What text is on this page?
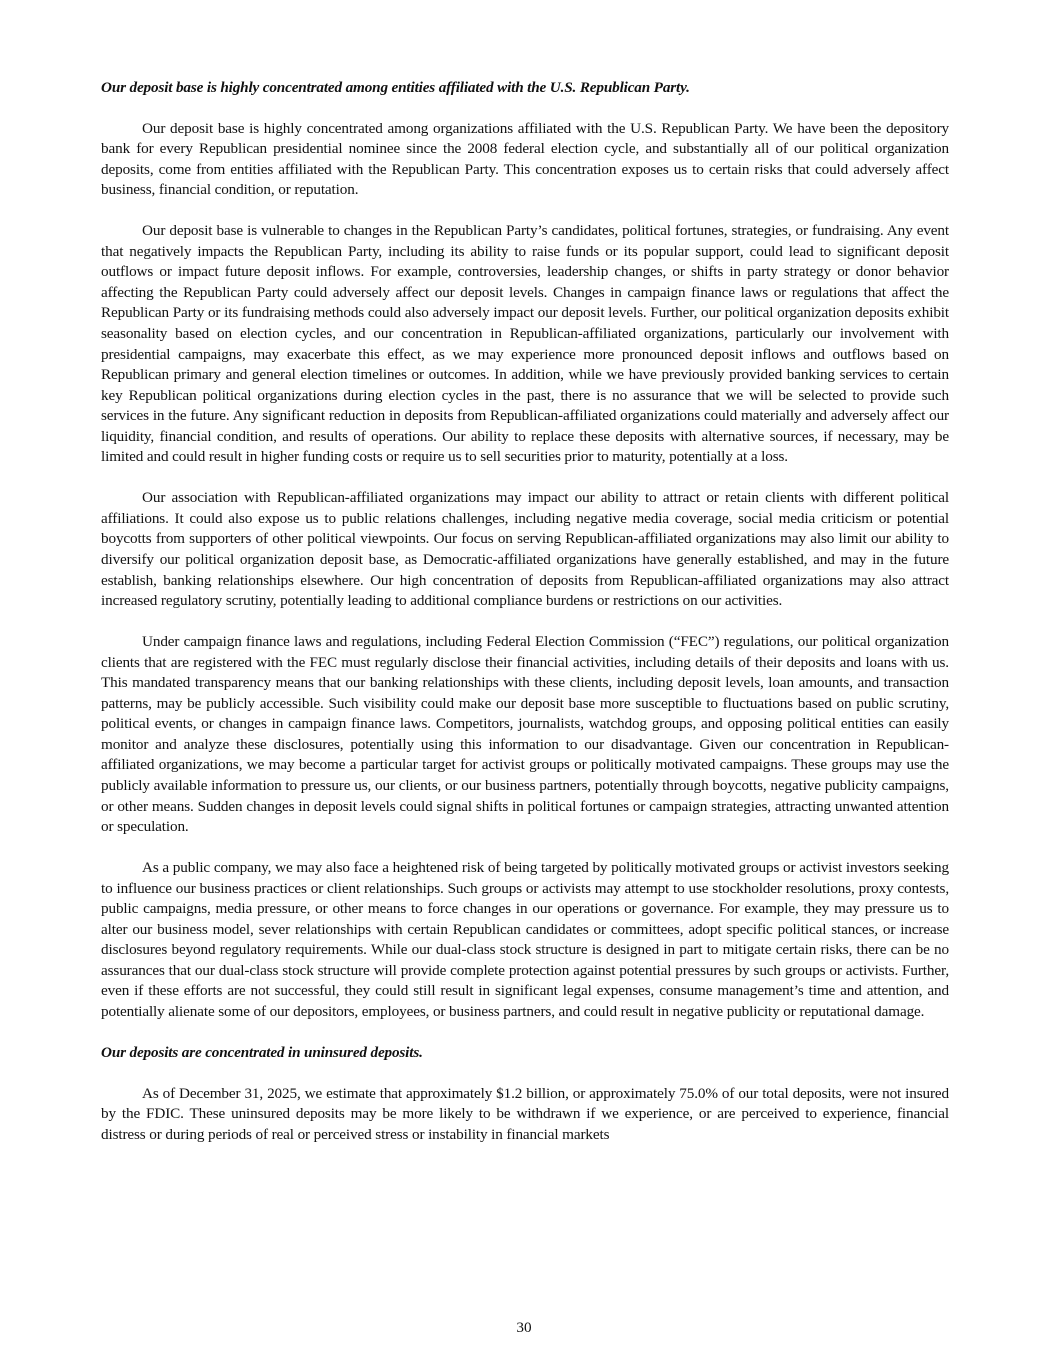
Our deposit base is highly concentrated among entities affiliated with the U.S. Republican Party.

Our deposit base is highly concentrated among organizations affiliated with the U.S. Republican Party. We have been the depository bank for every Republican presidential nominee since the 2008 federal election cycle, and substantially all of our political organization deposits, come from entities affiliated with the Republican Party. This concentration exposes us to certain risks that could adversely affect business, financial condition, or reputation.

Our deposit base is vulnerable to changes in the Republican Party’s candidates, political fortunes, strategies, or fundraising. Any event that negatively impacts the Republican Party, including its ability to raise funds or its popular support, could lead to significant deposit outflows or impact future deposit inflows. For example, controversies, leadership changes, or shifts in party strategy or donor behavior affecting the Republican Party could adversely affect our deposit levels. Changes in campaign finance laws or regulations that affect the Republican Party or its fundraising methods could also adversely impact our deposit levels. Further, our political organization deposits exhibit seasonality based on election cycles, and our concentration in Republican-affiliated organizations, particularly our involvement with presidential campaigns, may exacerbate this effect, as we may experience more pronounced deposit inflows and outflows based on Republican primary and general election timelines or outcomes. In addition, while we have previously provided banking services to certain key Republican political organizations during election cycles in the past, there is no assurance that we will be selected to provide such services in the future. Any significant reduction in deposits from Republican-affiliated organizations could materially and adversely affect our liquidity, financial condition, and results of operations. Our ability to replace these deposits with alternative sources, if necessary, may be limited and could result in higher funding costs or require us to sell securities prior to maturity, potentially at a loss.

Our association with Republican-affiliated organizations may impact our ability to attract or retain clients with different political affiliations. It could also expose us to public relations challenges, including negative media coverage, social media criticism or potential boycotts from supporters of other political viewpoints. Our focus on serving Republican-affiliated organizations may also limit our ability to diversify our political organization deposit base, as Democratic-affiliated organizations have generally established, and may in the future establish, banking relationships elsewhere. Our high concentration of deposits from Republican-affiliated organizations may also attract increased regulatory scrutiny, potentially leading to additional compliance burdens or restrictions on our activities.

Under campaign finance laws and regulations, including Federal Election Commission (“FEC”) regulations, our political organization clients that are registered with the FEC must regularly disclose their financial activities, including details of their deposits and loans with us. This mandated transparency means that our banking relationships with these clients, including deposit levels, loan amounts, and transaction patterns, may be publicly accessible. Such visibility could make our deposit base more susceptible to fluctuations based on public scrutiny, political events, or changes in campaign finance laws. Competitors, journalists, watchdog groups, and opposing political entities can easily monitor and analyze these disclosures, potentially using this information to our disadvantage. Given our concentration in Republican-affiliated organizations, we may become a particular target for activist groups or politically motivated campaigns. These groups may use the publicly available information to pressure us, our clients, or our business partners, potentially through boycotts, negative publicity campaigns, or other means. Sudden changes in deposit levels could signal shifts in political fortunes or campaign strategies, attracting unwanted attention or speculation.

As a public company, we may also face a heightened risk of being targeted by politically motivated groups or activist investors seeking to influence our business practices or client relationships. Such groups or activists may attempt to use stockholder resolutions, proxy contests, public campaigns, media pressure, or other means to force changes in our operations or governance. For example, they may pressure us to alter our business model, sever relationships with certain Republican candidates or committees, adopt specific political stances, or increase disclosures beyond regulatory requirements. While our dual-class stock structure is designed in part to mitigate certain risks, there can be no assurances that our dual-class stock structure will provide complete protection against potential pressures by such groups or activists. Further, even if these efforts are not successful, they could still result in significant legal expenses, consume management’s time and attention, and potentially alienate some of our depositors, employees, or business partners, and could result in negative publicity or reputational damage.

Our deposits are concentrated in uninsured deposits.

As of December 31, 2025, we estimate that approximately $1.2 billion, or approximately 75.0% of our total deposits, were not insured by the FDIC. These uninsured deposits may be more likely to be withdrawn if we experience, or are perceived to experience, financial distress or during periods of real or perceived stress or instability in financial markets

30
